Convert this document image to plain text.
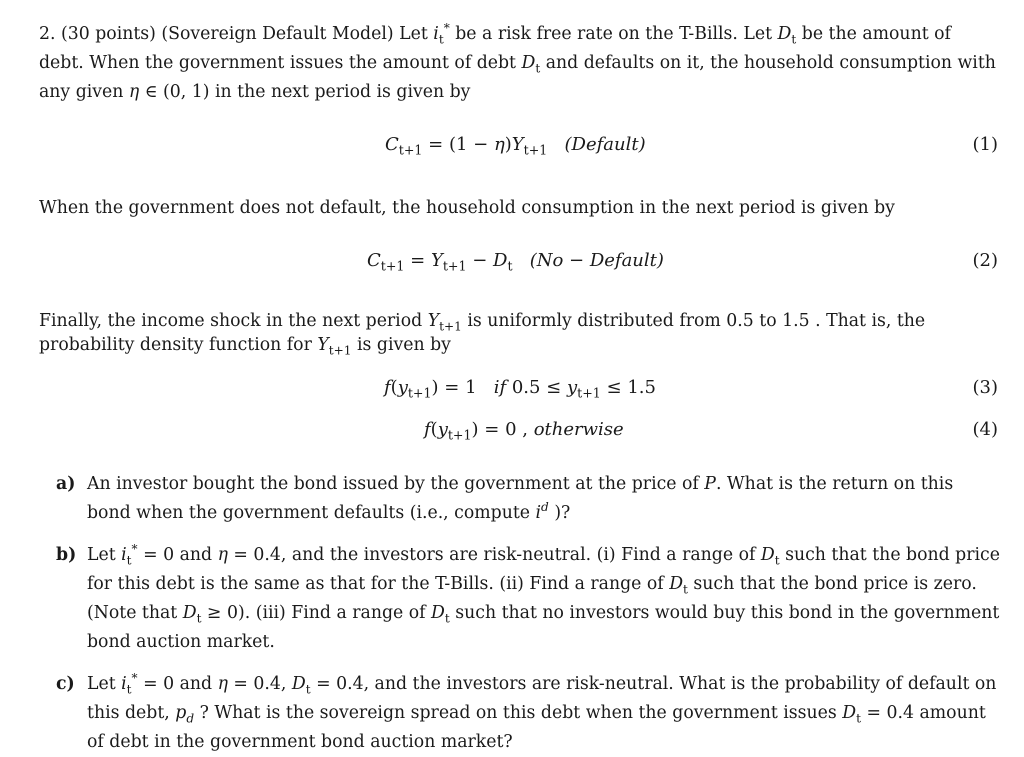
2. (30 points) (Sovereign Default Model) Let $i_t^*$ be a risk free rate on the T-Bills. Let $D_t$ be the amount of debt. When the government issues the amount of debt $D_t$ and defaults on it, the household consumption with any given η ∈ (0, 1) in the next period is given by
$C_{t+1} = (1 - \eta)Y_{t+1}$ (Default)	(1)
When the government does not default, the household consumption in the next period is given by
$C_{t+1} = Y_{t+1} - D_t$ (No − Default)	(2)
Finally, the income shock in the next period $Y_{t+1}$ is uniformly distributed from 0.5 to 1.5 . That is, the probability density function for $Y_{t+1}$ is given by
$f(y_{t+1}) = 1$   if $0.5 \le y_{t+1} \le 1.5$	(3)
$f(y_{t+1}) = 0$ , otherwise	(4)
a) An investor bought the bond issued by the government at the price of P. What is the return on this bond when the government defaults (i.e., compute $i^d$ )?
b) Let $i_t^* = 0$ and η = 0.4, and the investors are risk-neutral. (i) Find a range of $D_t$ such that the bond price for this debt is the same as that for the T-Bills. (ii) Find a range of $D_t$ such that the bond price is zero. (Note that $D_t \ge 0$). (iii) Find a range of $D_t$ such that no investors would buy this bond in the government bond auction market.
c) Let $i_t^* = 0$ and η = 0.4, $D_t = 0.4$, and the investors are risk-neutral. What is the probability of default on this debt, $p_d$ ? What is the sovereign spread on this debt when the government issues $D_t = 0.4$ amount of debt in the government bond auction market?
